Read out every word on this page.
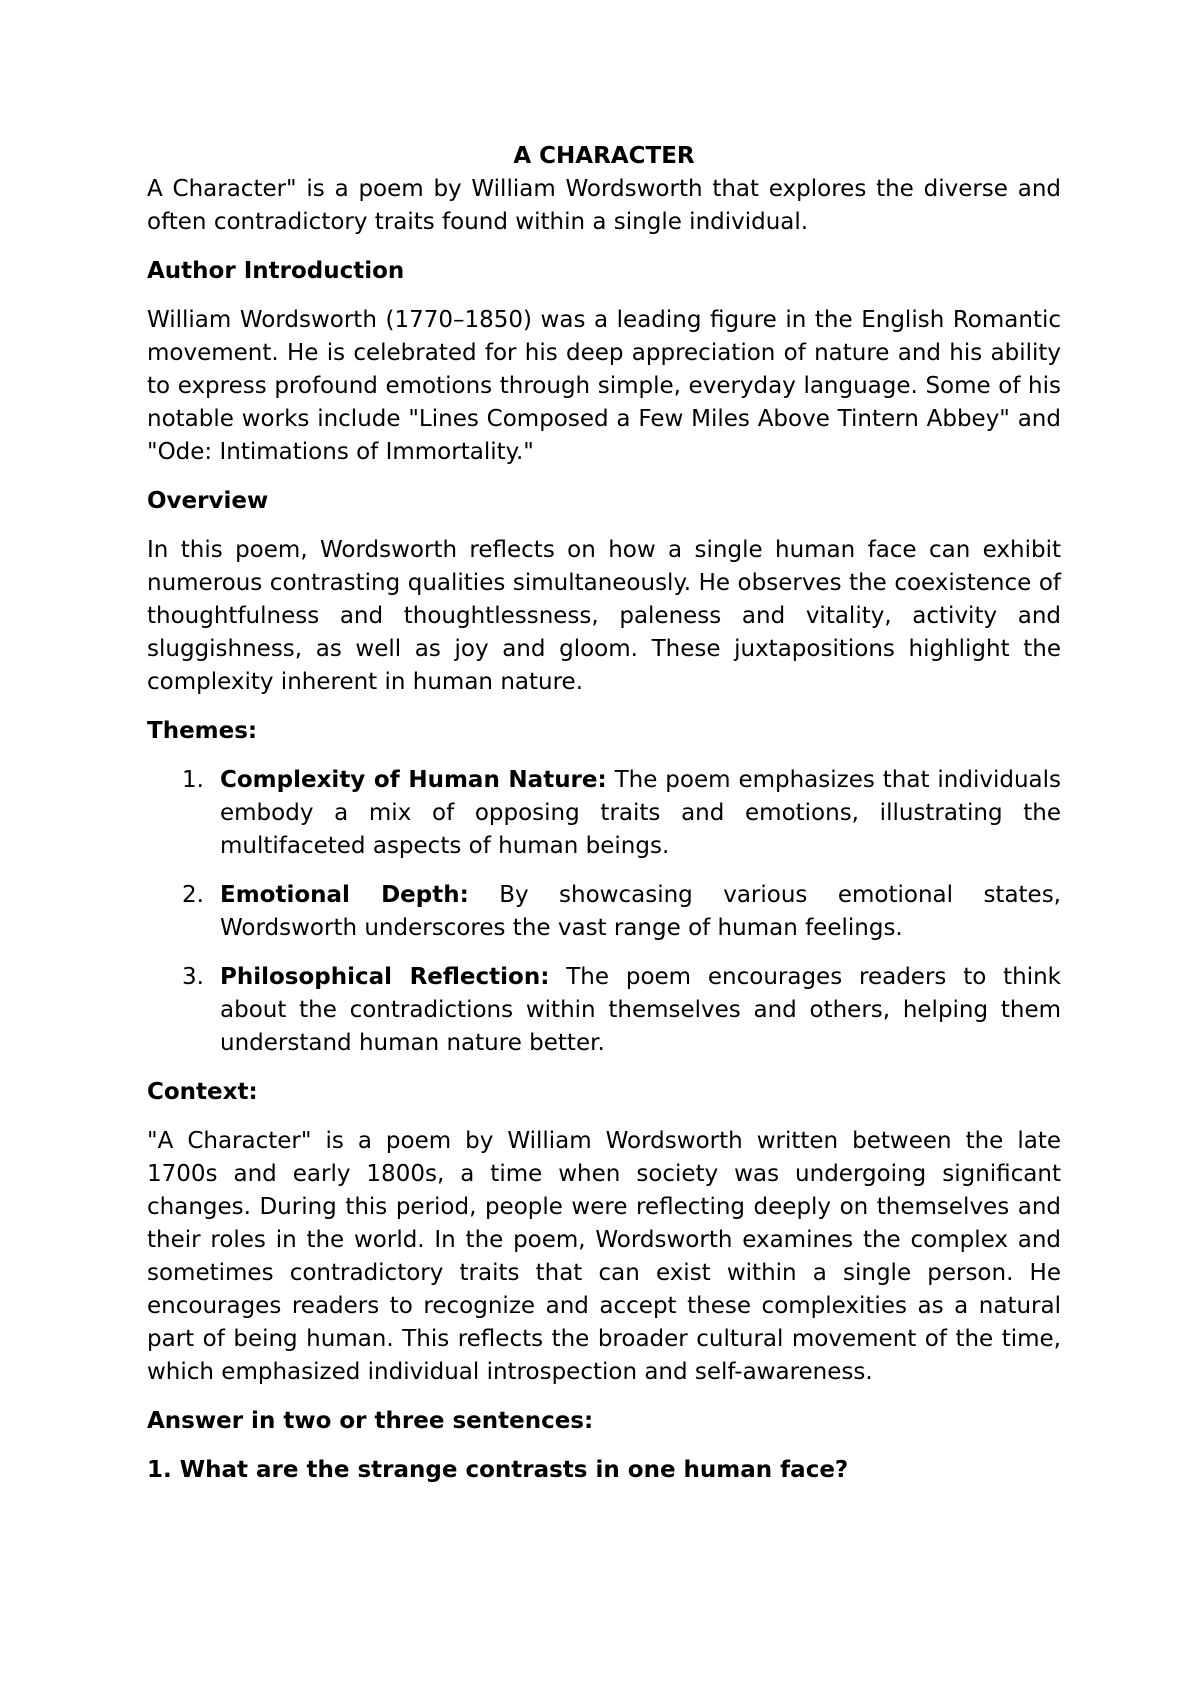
A CHARACTER

A Character" is a poem by William Wordsworth that explores the diverse and often contradictory traits found within a single individual.

Author Introduction

William Wordsworth (1770–1850) was a leading figure in the English Romantic movement. He is celebrated for his deep appreciation of nature and his ability to express profound emotions through simple, everyday language. Some of his notable works include "Lines Composed a Few Miles Above Tintern Abbey" and "Ode: Intimations of Immortality."

Overview

In this poem, Wordsworth reflects on how a single human face can exhibit numerous contrasting qualities simultaneously. He observes the coexistence of thoughtfulness and thoughtlessness, paleness and vitality, activity and sluggishness, as well as joy and gloom. These juxtapositions highlight the complexity inherent in human nature.

Themes:

1. Complexity of Human Nature: The poem emphasizes that individuals embody a mix of opposing traits and emotions, illustrating the multifaceted aspects of human beings.
2. Emotional Depth: By showcasing various emotional states, Wordsworth underscores the vast range of human feelings.
3. Philosophical Reflection: The poem encourages readers to think about the contradictions within themselves and others, helping them understand human nature better.

Context:

"A Character" is a poem by William Wordsworth written between the late 1700s and early 1800s, a time when society was undergoing significant changes. During this period, people were reflecting deeply on themselves and their roles in the world. In the poem, Wordsworth examines the complex and sometimes contradictory traits that can exist within a single person. He encourages readers to recognize and accept these complexities as a natural part of being human. This reflects the broader cultural movement of the time, which emphasized individual introspection and self-awareness.

Answer in two or three sentences:

1. What are the strange contrasts in one human face?
